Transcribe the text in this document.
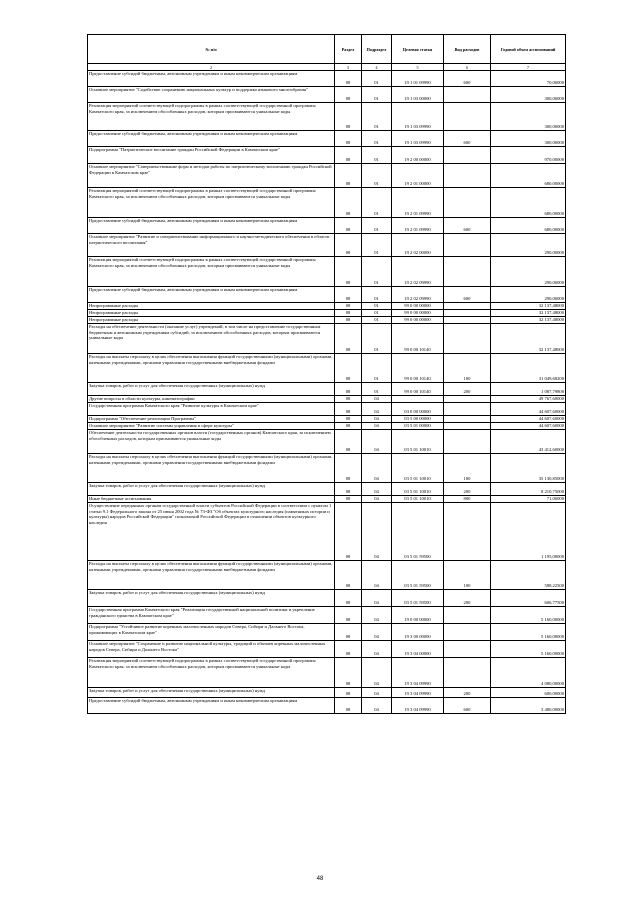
№ п/п	Раздел	Подраздел	Целевая статья	Вид расходов	Годовой объем ассигнований
	2	3	4	5	6	7
	Предоставление субсидий бюджетным, автономным учреждениям и иным некоммерческим организациям	08	01	19 1 01 09990	600	70,00000
	Основное мероприятие "Содействие сохранению национальных культур и поддержка языкового многообразия"	08	01	19 1 03 00000		300,00000
	Реализация мероприятий соответствующей подпрограммы в рамках соответствующей государственной программы Камчатского края, за исключением обособленных расходов, которым присваиваются уникальные коды	08	01	19 1 03 09990		300,00000
	Предоставление субсидий бюджетным, автономным учреждениям и иным некоммерческим организациям	08	01	19 1 03 09990	600	300,00000
	Подпрограмма "Патриотическое воспитание граждан Российской Федерации в Камчатском крае"	08	01	19 2 00 00000		970,00000
	Основное мероприятие "Совершенствование форм и методов работы по патриотическому воспитанию граждан Российской Федерации в Камчатском крае"	08	01	19 2 01 00000		680,00000
	Реализация мероприятий соответствующей подпрограммы в рамках соответствующей государственной программы Камчатского края, за исключением обособленных расходов, которым присваиваются уникальные коды	08	01	19 2 01 09990		680,00000
	Предоставление субсидий бюджетным, автономным учреждениям и иным некоммерческим организациям	08	01	19 2 01 09990	600	680,00000
	Основное мероприятие "Развитие и совершенствование информационного и научно-методического обеспечения в области патриотического воспитания"	08	01	19 2 02 00000		290,00000
	Реализация мероприятий соответствующей подпрограммы в рамках соответствующей государственной программы Камчатского края, за исключением обособленных расходов, которым присваиваются уникальные коды	08	01	19 2 02 09990		290,00000
	Предоставление субсидий бюджетным, автономным учреждениям и иным некоммерческим организациям	08	01	19 2 02 09990	600	290,00000
	Непрограммные расходы	08	01	99 0 00 00000		32 137,48000
	Непрограммные расходы	08	01	99 0 00 00000		32 137,48000
	Непрограммные расходы	08	01	99 0 00 00000		32 137,48000
	Расходы на обеспечение деятельности (оказание услуг) учреждений, в том числе на предоставление государственным бюджетным и автономным учреждениям субсидий, за исключением обособленных расходов, которым присваиваются уникальные коды	08	01	99 0 00 10140		32 137,48000
	Расходы на выплаты персоналу в целях обеспечения выполнения функций государственными (муниципальными) органами, казенными учреждениями, органами управления государственными внебюджетными фондами	08	01	99 0 00 10140	100	31 049,68200
	Закупка товаров, работ и услуг для обеспечения государственных (муниципальных) нужд	08	01	99 0 00 10140	200	1 087,79800
	Другие вопросы в области культуры, кинематографии	08	04			49 767,60000
	Государственная программа Камчатского края "Развитие культуры в Камчатском крае"	08	04	03 0 00 00000		44 607,60000
	Подпрограмма "Обеспечение реализации Программы"	08	04	03 5 00 00000		44 607,60000
	Основное мероприятие "Развитие системы управления в сфере культуры"	08	04	03 5 01 00000		44 607,60000
	Обеспечение деятельности государственных органов власти (государственных органов) Камчатского края, за исключением обособленных расходов, которым присваиваются уникальные коды	08	04	03 5 01 10010		43 412,60000
	Расходы на выплаты персоналу в целях обеспечения выполнения функций государственными (муниципальными) органами, казенными учреждениями, органами управления государственными внебюджетными фондами	08	04	03 5 01 10010	100	35 130,85000
	Закупка товаров, работ и услуг для обеспечения государственных (муниципальных) нужд	08	04	03 5 01 10010	200	8 210,75000
	Иные бюджетные ассигнования	08	04	03 5 01 10010	800	71,00000
	Осуществление переданных органам государственной власти субъектов Российской Федерации в соответствии с пунктом 1 статьи 9.1 Федерального закона от 25 июня 2002 года № 73-ФЗ "Об объектах культурного наследия (памятниках истории и культуры) народов Российской Федерации" полномочий Российской Федерации в отношении объектов культурного наследия	08	04	03 5 01 59500		1 195,00000
	Расходы на выплаты персоналу в целях обеспечения выполнения функций государственными (муниципальными) органами, казенными учреждениями, органами управления государственными внебюджетными фондами	08	04	03 5 01 59500	100	588,22500
	Закупка товаров, работ и услуг для обеспечения государственных (муниципальных) нужд	08	04	03 5 01 59500	200	606,77500
	Государственная программа Камчатского края "Реализация государственной национальной политики и укрепление гражданского единства в Камчатском крае"	08	04	19 0 00 00000		5 160,00000
	Подпрограмма "Устойчивое развитие коренных малочисленных народов Севера, Сибири и Дальнего Востока, проживающих в Камчатском крае"	08	04	19 3 00 00000		5 160,00000
	Основное мероприятие "Сохранение и развитие национальной культуры, традиций и обычаев коренных малочисленных народов Севера, Сибири и Дальнего Востока"	08	04	19 3 04 00000		5 160,00000
	Реализация мероприятий соответствующей подпрограммы в рамках соответствующей государственной программы Камчатского края, за исключением обособленных расходов, которым присваиваются уникальные коды	08	04	19 3 04 09990		4 080,00000
	Закупка товаров, работ и услуг для обеспечения государственных (муниципальных) нужд	08	04	19 3 04 09990	200	600,00000
	Предоставление субсидий бюджетным, автономным учреждениям и иным некоммерческим организациям	08	04	19 3 04 09990	600	3 480,00000
48
